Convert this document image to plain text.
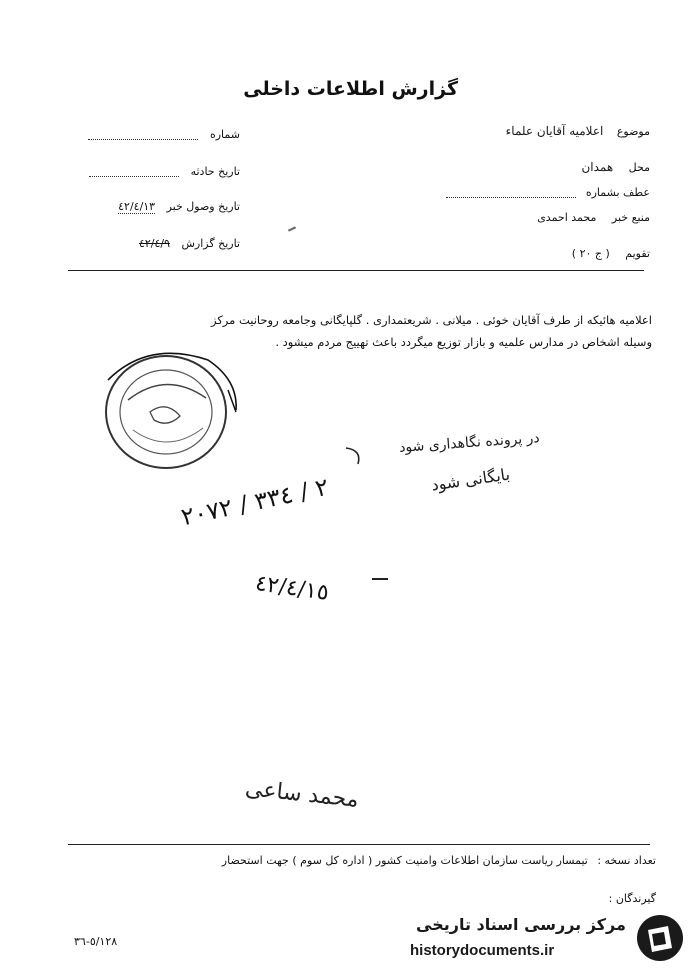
گزارش اطلاعات داخلی
موضوع اعلامیه آقایان علماء
محل همدان
عطف بشماره
منبع خبر محمد احمدی
تقویم ( ج ٢٠ )
شماره
تاریخ حادثه
تاریخ وصول خبر ٤٢/٤/١٣
تاریخ گزارش ٤٢/٤/٩
اعلامیه هائیکه از طرف آقایان خوئی . میلانی . شریعتمداری . گلپایگانی وجامعه روحانیت مرکز
وسیله اشخاص در مدارس علمیه و بازار توزیع میگردد باعث تهییج مردم میشود .
در پرونده نگاهداری شود
بایگانی شود
٢ / ٣٣٤ / ٢٠٧٢
٤٢/٤/١٥
محمد ساعی
تعداد نسخه : تیمسار ریاست سازمان اطلاعات وامنیت کشور ( اداره کل سوم ) جهت استحضار
گیرندگان :
٥/١٢٨-٣٦
مرکز بررسی اسناد تاریخی
historydocuments.ir
